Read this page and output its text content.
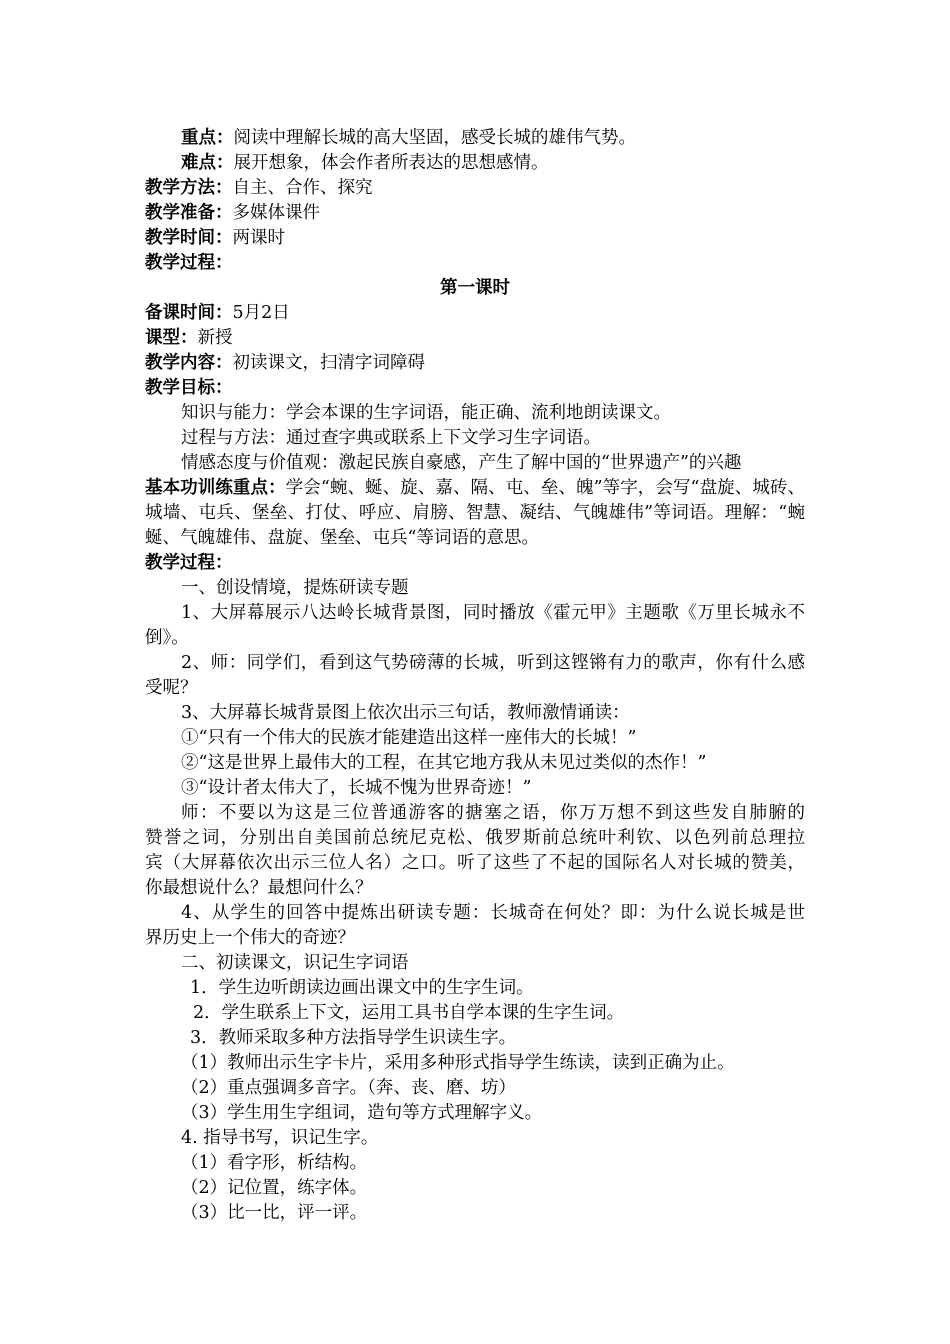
重点：阅读中理解长城的高大坚固，感受长城的雄伟气势。
难点：展开想象，体会作者所表达的思想感情。
教学方法：自主、合作、探究
教学准备：多媒体课件
教学时间：两课时
教学过程：
第一课时
备课时间：5月2日
课型：新授
教学内容：初读课文，扫清字词障碍
教学目标：
知识与能力：学会本课的生字词语，能正确、流利地朗读课文。
过程与方法：通过查字典或联系上下文学习生字词语。
情感态度与价值观：激起民族自豪感，产生了解中国的“世界遗产”的兴趣
基本功训练重点：学会“蜿、蜒、旋、嘉、隔、屯、垒、魄”等字，会写“盘旋、城砖、
城墙、屯兵、堡垒、打仗、呼应、肩膀、智慧、凝结、气魄雄伟”等词语。理解：“蜿
蜒、气魄雄伟、盘旋、堡垒、屯兵“等词语的意思。
教学过程：
一、创设情境，提炼研读专题
1、大屏幕展示八达岭长城背景图，同时播放《霍元甲》主题歌《万里长城永不
倒》。
2、师：同学们，看到这气势磅薄的长城，听到这铿锵有力的歌声，你有什么感
受呢？
3、大屏幕长城背景图上依次出示三句话，教师激情诵读：
①“只有一个伟大的民族才能建造出这样一座伟大的长城！”
②“这是世界上最伟大的工程，在其它地方我从未见过类似的杰作！”
③“设计者太伟大了，长城不愧为世界奇迹！”
师：不要以为这是三位普通游客的搪塞之语，你万万想不到这些发自肺腑的
赞誉之词，分别出自美国前总统尼克松、俄罗斯前总统叶利钦、以色列前总理拉
宾（大屏幕依次出示三位人名）之口。听了这些了不起的国际名人对长城的赞美，
你最想说什么？最想问什么？
4、从学生的回答中提炼出研读专题：长城奇在何处？即：为什么说长城是世
界历史上一个伟大的奇迹？
二、初读课文，识记生字词语
1．学生边听朗读边画出课文中的生字生词。
2．学生联系上下文，运用工具书自学本课的生字生词。
3．教师采取多种方法指导学生识读生字。
（1）教师出示生字卡片，采用多种形式指导学生练读，读到正确为止。
（2）重点强调多音字。（奔、丧、磨、坊）
（3）学生用生字组词，造句等方式理解字义。
4. 指导书写，识记生字。
（1）看字形，析结构。
（2）记位置，练字体。
（3）比一比，评一评。
